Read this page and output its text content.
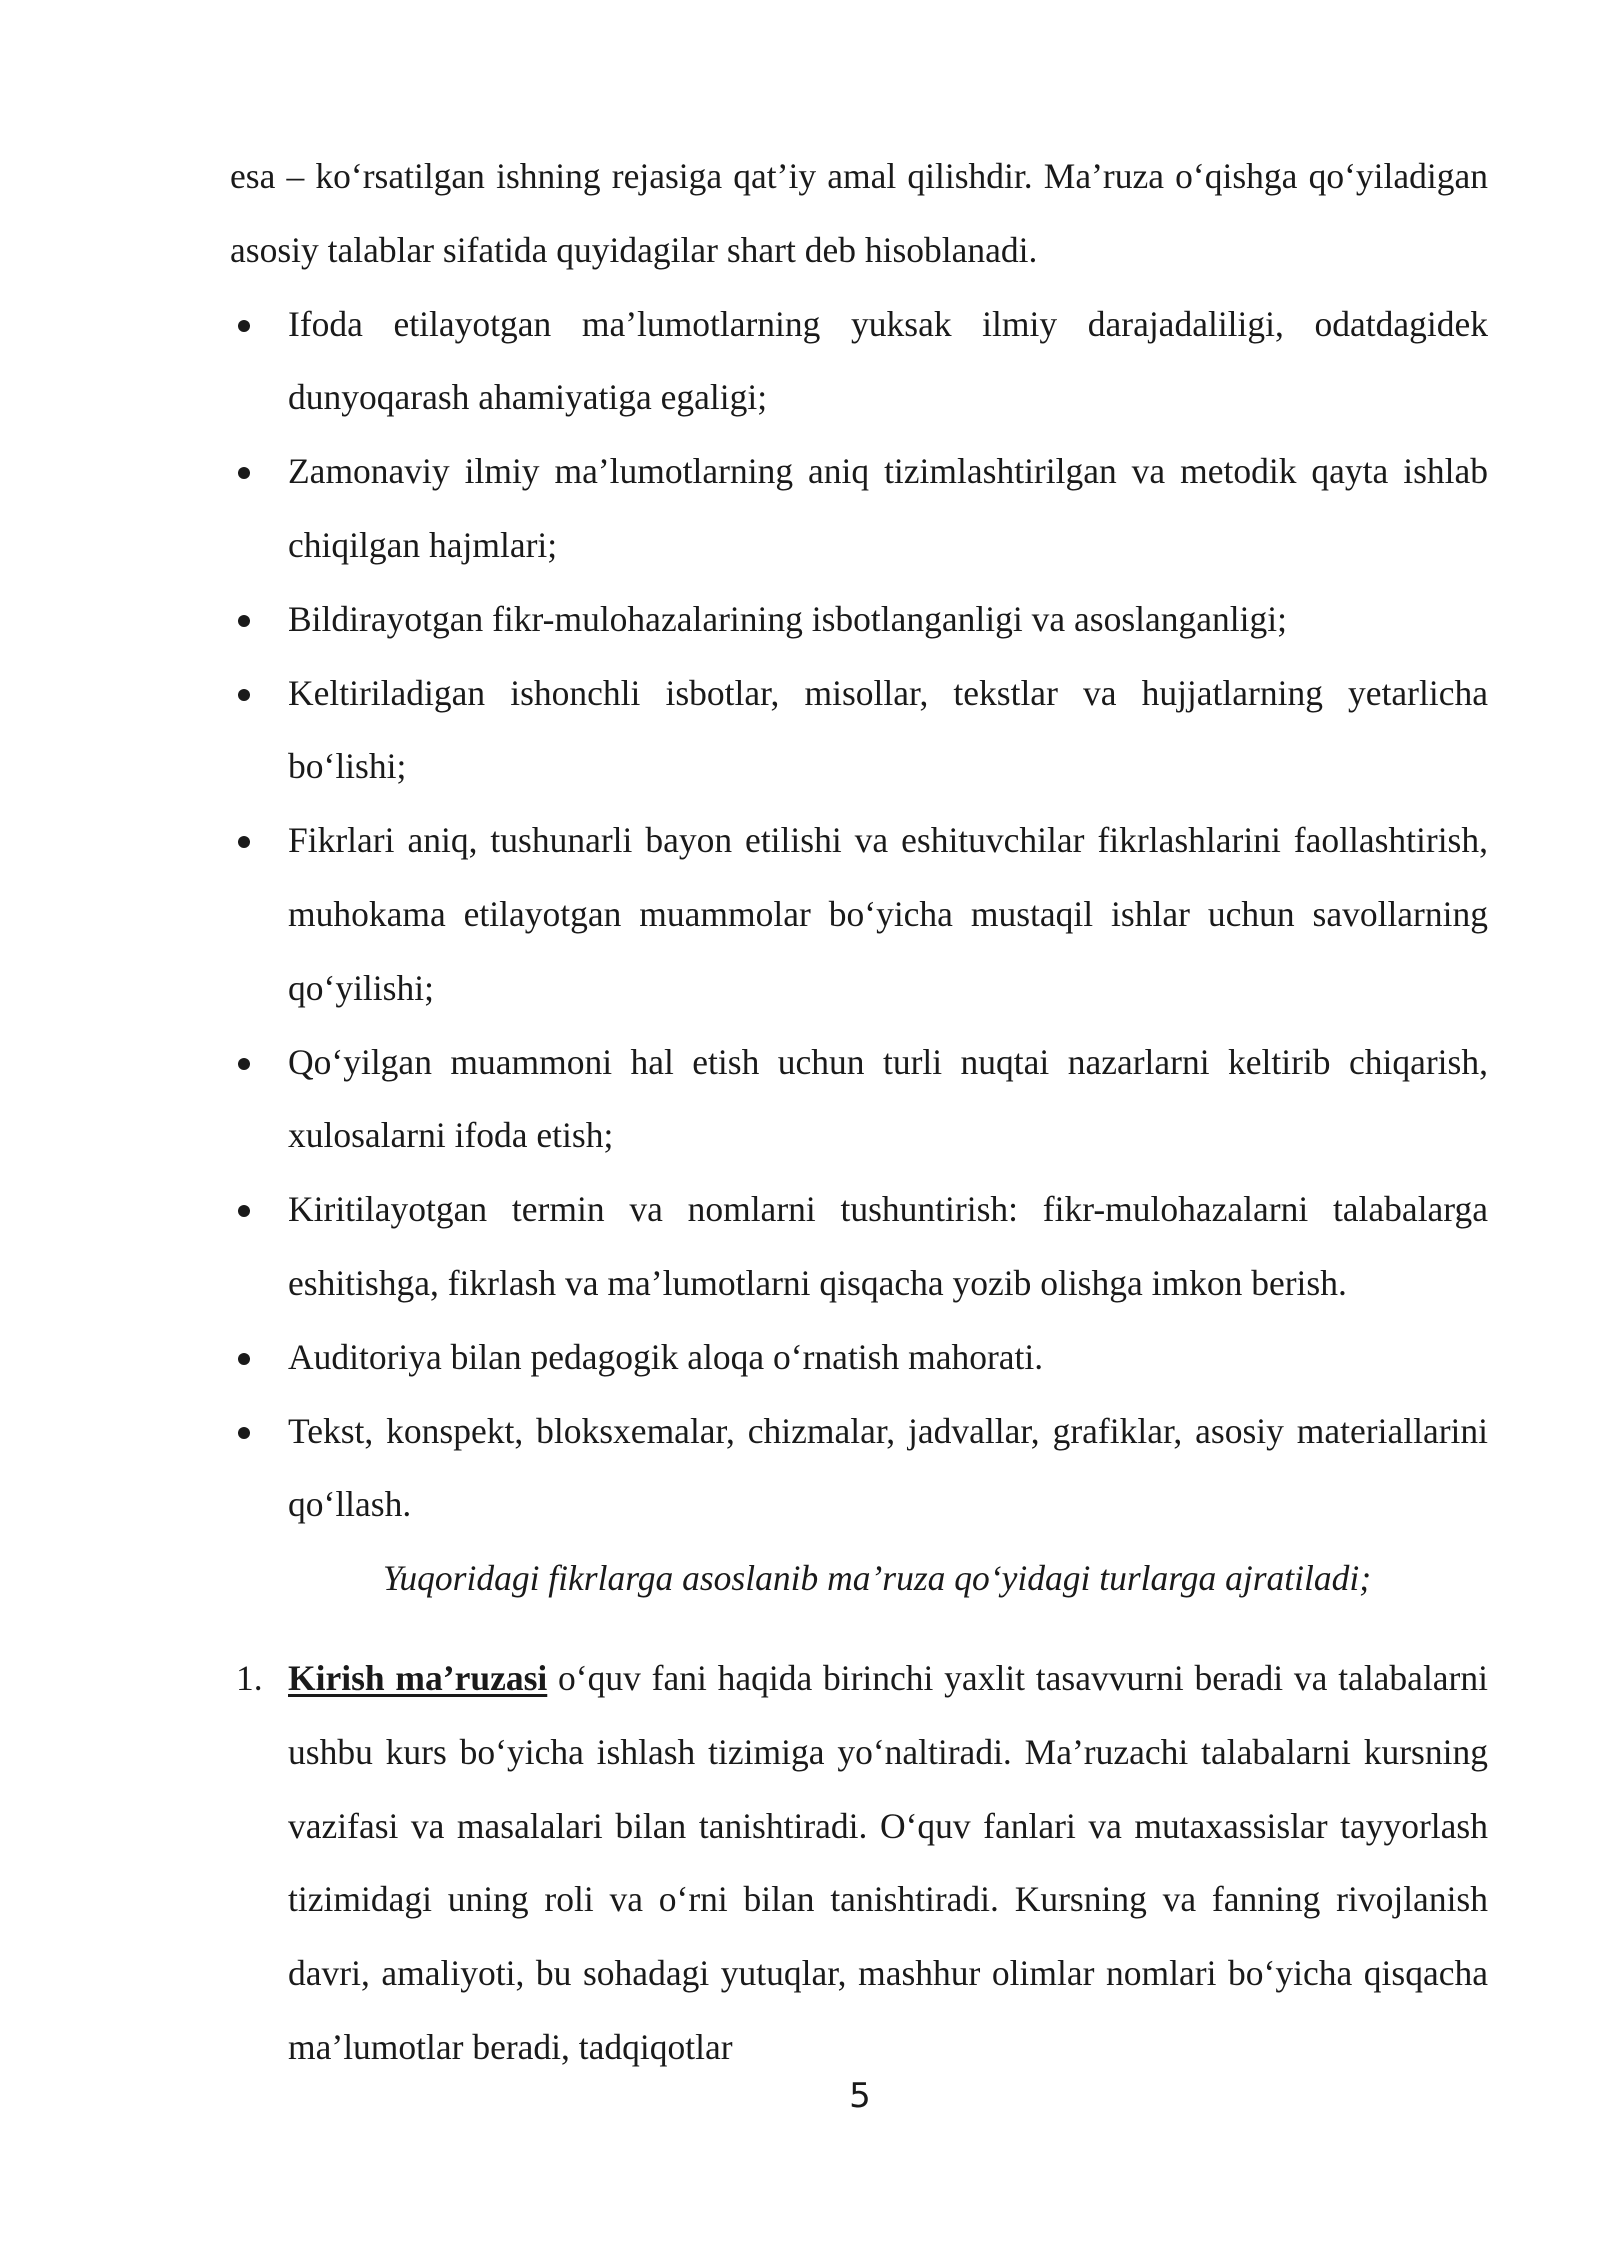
esa – ko‘rsatilgan ishning rejasiga qat’iy amal qilishdir. Ma’ruza o‘qishga qo‘yiladigan asosiy talablar sifatida quyidagilar shart deb hisoblanadi.

Ifoda etilayotgan ma’lumotlarning yuksak ilmiy darajadaliligi, odatdagidek dunyoqarash ahamiyatiga egaligi;
Zamonaviy ilmiy ma’lumotlarning aniq tizimlashtirilgan va metodik qayta ishlab chiqilgan hajmlari;
Bildirayotgan fikr-mulohazalarining isbotlanganligi va asoslanganligi;
Keltiriladigan ishonchli isbotlar, misollar, tekstlar va hujjatlarning yetarlicha bo‘lishi;
Fikrlari aniq, tushunarli bayon etilishi va eshituvchilar fikrlashlarini faollashtirish, muhokama etilayotgan muammolar bo‘yicha mustaqil ishlar uchun savollarning qo‘yilishi;
Qo‘yilgan muammoni hal etish uchun turli nuqtai nazarlarni keltirib chiqarish, xulosalarni ifoda etish;
Kiritilayotgan termin va nomlarni tushuntirish: fikr-mulohazalarni talabalarga eshitishga, fikrlash va ma’lumotlarni qisqacha yozib olishga imkon berish.
Auditoriya bilan pedagogik aloqa o‘rnatish mahorati.
Tekst, konspekt, bloksxemalar, chizmalar, jadvallar, grafiklar, asosiy materiallarini qo‘llash.

Yuqoridagi fikrlarga asoslanib ma’ruza qo‘yidagi turlarga ajratiladi;

1. Kirish ma’ruzasi o‘quv fani haqida birinchi yaxlit tasavvurni beradi va talabalarni ushbu kurs bo‘yicha ishlash tizimiga yo‘naltiradi. Ma’ruzachi talabalarni kursning vazifasi va masalalari bilan tanishtiradi. O‘quv fanlari va mutaxassislar tayyorlash tizimidagi uning roli va o‘rni bilan tanishtiradi. Kursning va fanning rivojlanish davri, amaliyoti, bu sohadagi yutuqlar, mashhur olimlar nomlari bo‘yicha qisqacha ma’lumotlar beradi, tadqiqotlar
5
